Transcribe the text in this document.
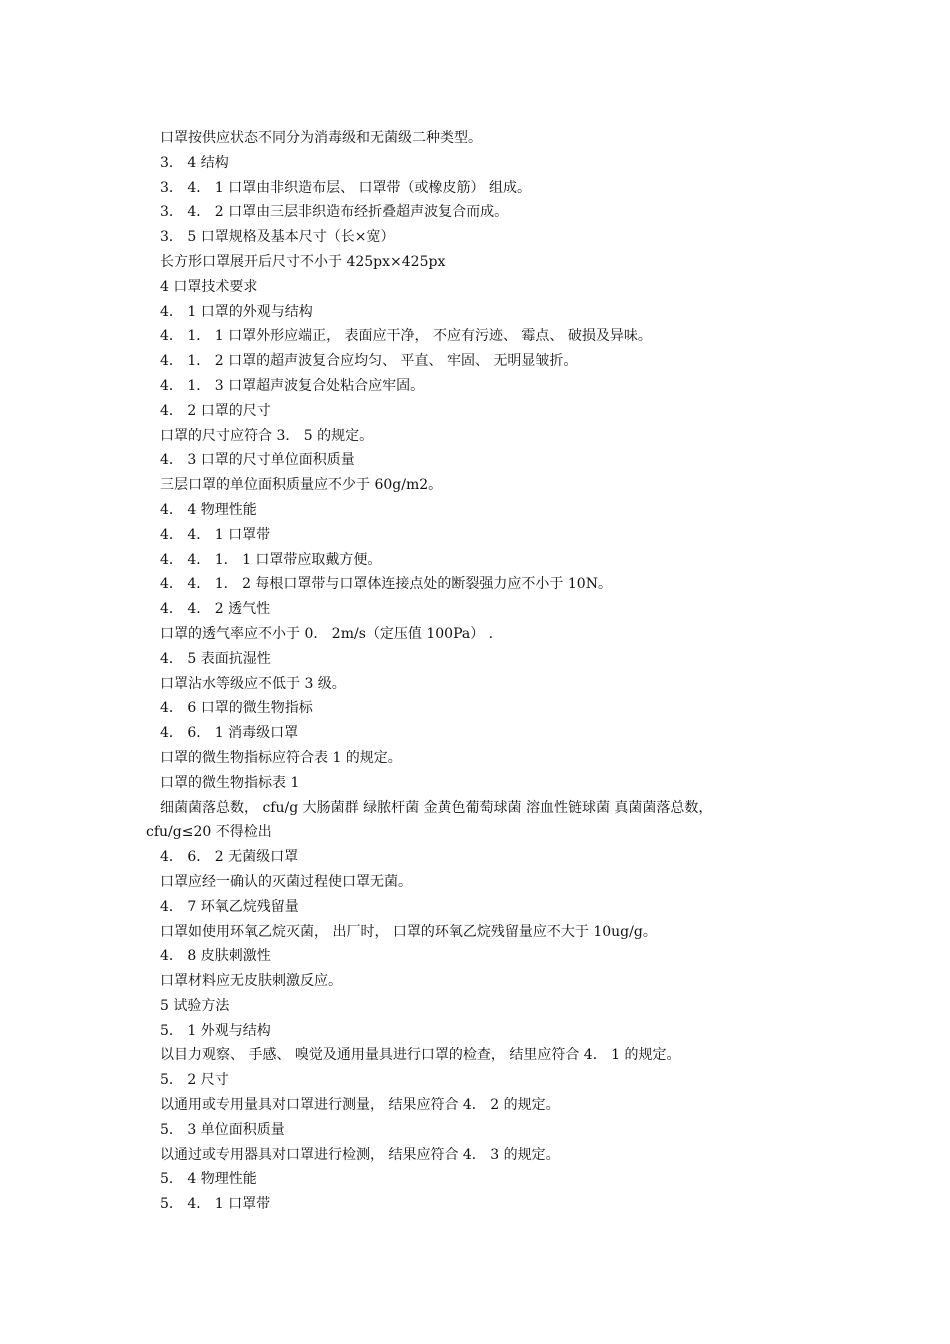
口罩按供应状态不同分为消毒级和无菌级二种类型。
3． 4 结构
3． 4． 1 口罩由非织造布层、 口罩带（或橡皮筋） 组成。
3． 4． 2 口罩由三层非织造布经折叠超声波复合而成。
3． 5 口罩规格及基本尺寸（长×宽）
长方形口罩展开后尺寸不小于 425px×425px
4 口罩技术要求
4． 1 口罩的外观与结构
4． 1． 1 口罩外形应端正， 表面应干净， 不应有污迹、 霉点、 破损及异味。
4． 1． 2 口罩的超声波复合应均匀、 平直、 牢固、 无明显皱折。
4． 1． 3 口罩超声波复合处粘合应牢固。
4． 2 口罩的尺寸
口罩的尺寸应符合 3． 5 的规定。
4． 3 口罩的尺寸单位面积质量
三层口罩的单位面积质量应不少于 60g/m2。
4． 4 物理性能
4． 4． 1 口罩带
4． 4． 1． 1 口罩带应取戴方便。
4． 4． 1． 2 每根口罩带与口罩体连接点处的断裂强力应不小于 10N。
4． 4． 2 透气性
口罩的透气率应不小于 0． 2m/s（定压值 100Pa） .
4． 5 表面抗湿性
口罩沾水等级应不低于 3 级。
4． 6 口罩的微生物指标
4． 6． 1 消毒级口罩
口罩的微生物指标应符合表 1 的规定。
口罩的微生物指标表 1
细菌菌落总数， cfu/g 大肠菌群 绿脓杆菌 金黄色葡萄球菌 溶血性链球菌 真菌菌落总数，
cfu/g≤20 不得检出
4． 6． 2 无菌级口罩
口罩应经一确认的灭菌过程使口罩无菌。
4． 7 环氧乙烷残留量
口罩如使用环氧乙烷灭菌， 出厂时， 口罩的环氧乙烷残留量应不大于 10ug/g。
4． 8 皮肤刺激性
口罩材料应无皮肤刺激反应。
5 试验方法
5． 1 外观与结构
以目力观察、 手感、 嗅觉及通用量具进行口罩的检查， 结里应符合 4． 1 的规定。
5． 2 尺寸
以通用或专用量具对口罩进行测量， 结果应符合 4． 2 的规定。
5． 3 单位面积质量
以通过或专用器具对口罩进行检测， 结果应符合 4． 3 的规定。
5． 4 物理性能
5． 4． 1 口罩带
